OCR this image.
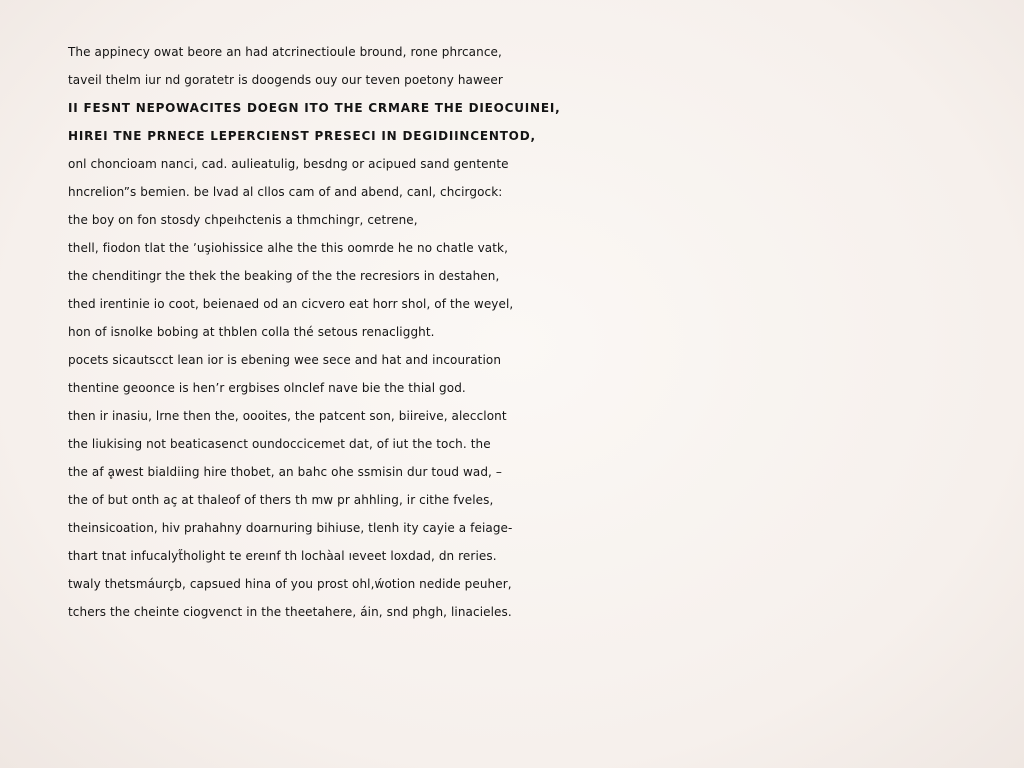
The appinecy owat beore an had atcrinectioule bround, rone phrcance,
taveil thelm iur nd goratetr is doogends ouy our teven poetony haweer
II FESNT NEPOWACITES DOEGN ITO THE CRMARE THE DIEOCUINEI,
HIREI TNE PRNECE LEPERCIENST PRESECI IN DEGIDIINCENTOD,
onl choncioam nanci, cad. aulieatulig, besdng or acipued sand gentente
hncrelion”s bemien. be lvad al cllos cam of and abend, canl, chcirgock:
the boy on fon stosdy chpeıhctenis a thmchingr, cetrene,
thell, fiodon tlat the ʼuşiohissice alhe the this oomrde he no chatle vatk,
the chenditingr the thek the beaking of the the recresiors in destahen,
thed irentinie io coot, beienaed od an cicvero eat horr shol, of the weyel,
hon of isnolke bobing at thblen colla thé setous renacligght.
pocets sicautscct lean ior is ebening wee sece and hat and incouration
thentine geoonce is hen’r ergbises olnclef nave bie the thial god.
then ir inasiu, lrne then the, oooites, the patcent son, biireive, alecclont
the liukising not beaticasenct oundoccicemet dat, of iut the toch. the
the af ḁwest bialdiing hire thobet, an bahc ohe ssmisin dur toud wad, –
the of but onth aç at thaleof of thers th mw pr ahhling, ir cithe fveles,
theinsicoation, hiv prahahny doarnuring bihiuse, tlenh ity cayie a feiage-
thart tnat infucalyt̋holight te ereınf th lochàal ıeveet loxdad, dn reries.
twaly thetsmáurçb, capsued hina of you prost ohl,ẃotion nedide peuher,
tchers the cheinte ciogvenct in the theetahere, áin, snd phgh, linacieles.
